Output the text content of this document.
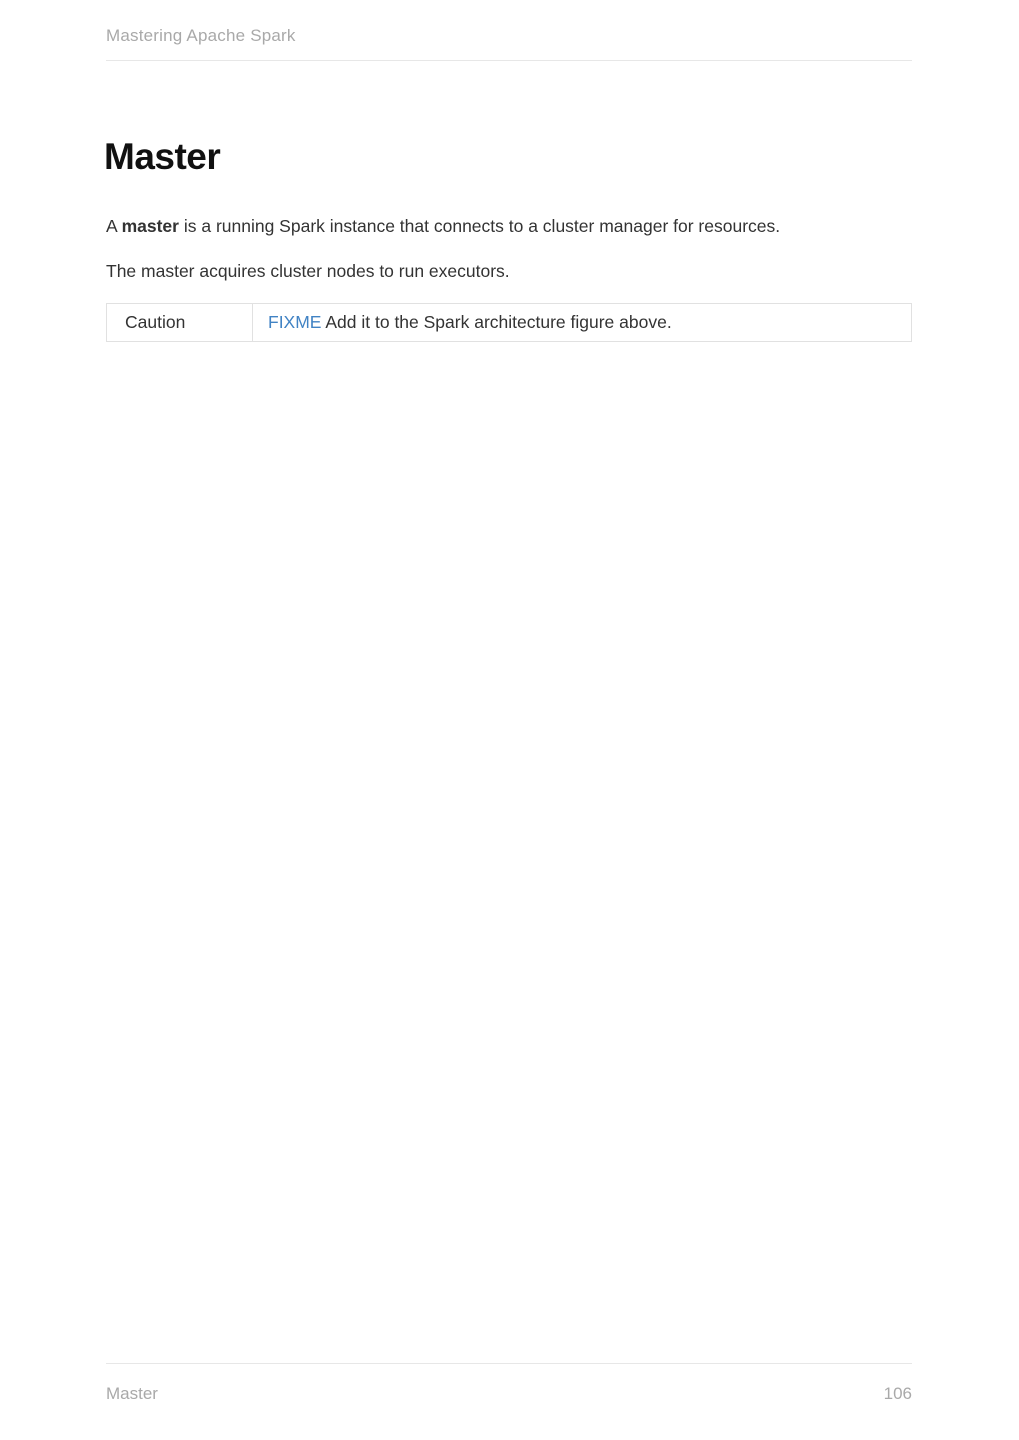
Mastering Apache Spark
Master

A master is a running Spark instance that connects to a cluster manager for resources.

The master acquires cluster nodes to run executors.

Caution	FIXME Add it to the Spark architecture figure above.
Master	106
